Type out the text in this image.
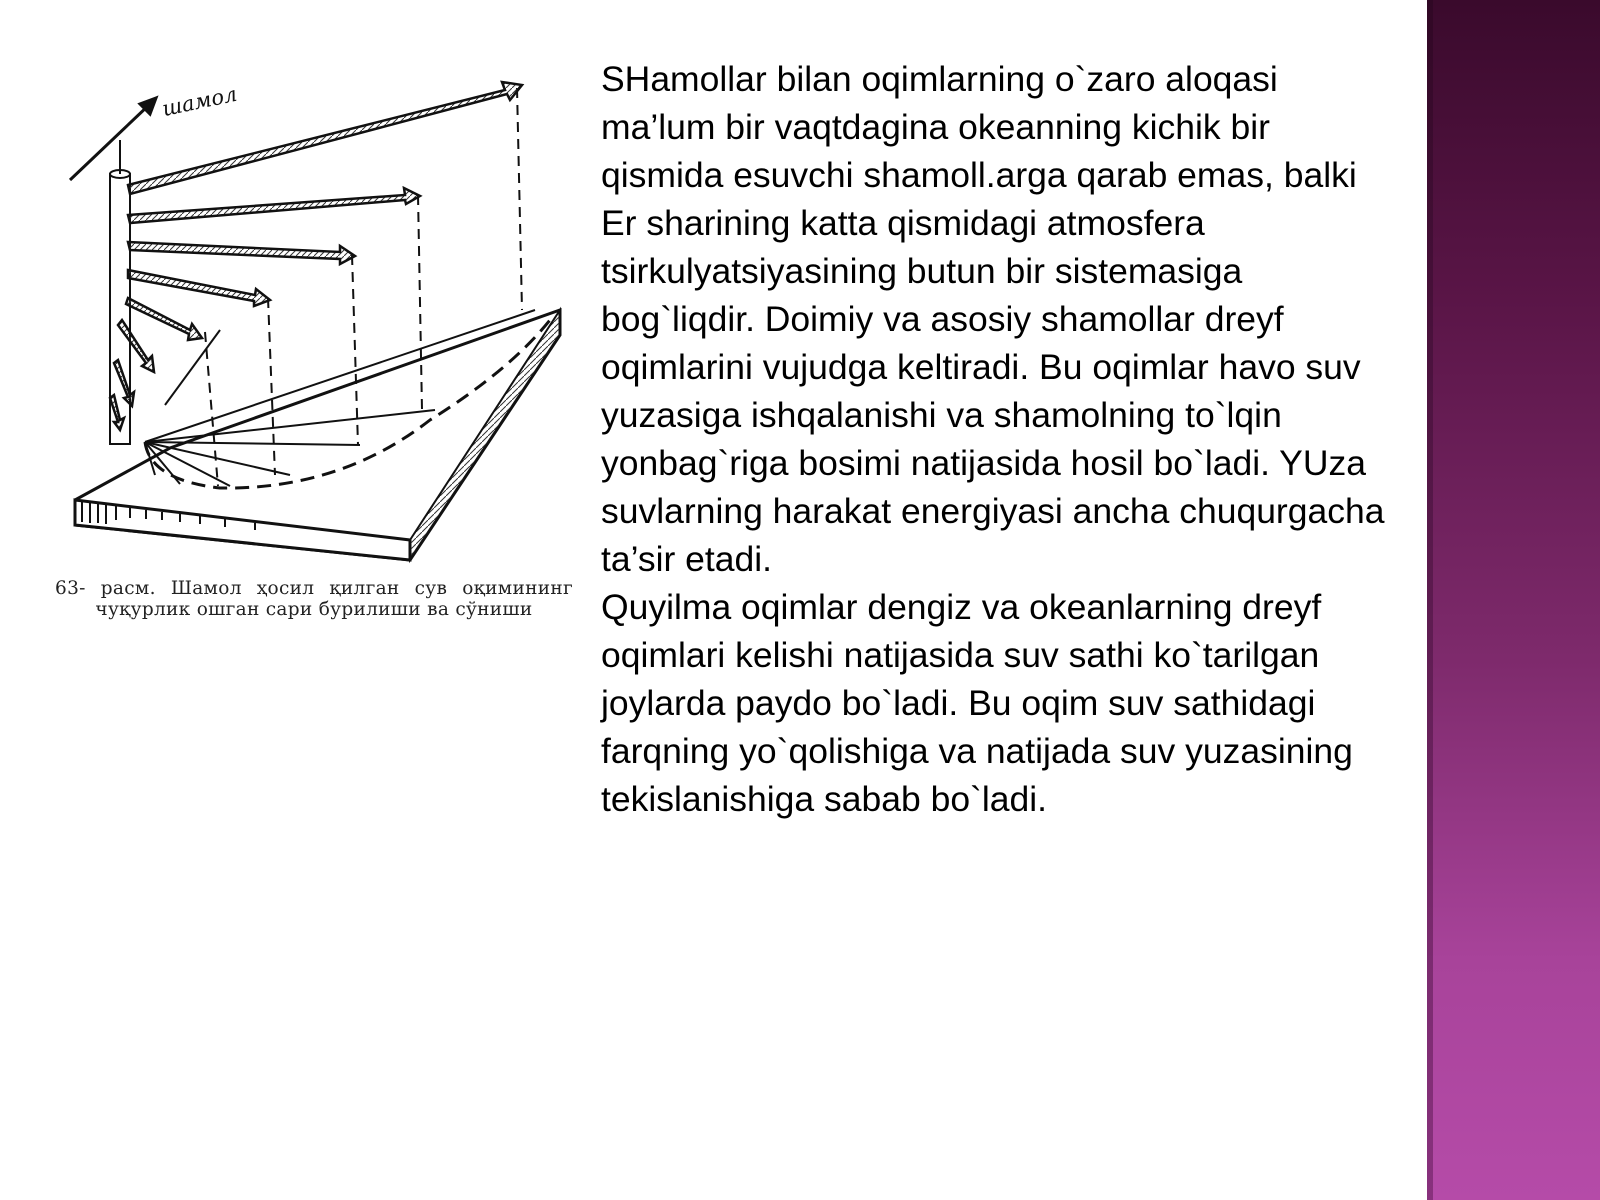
шамол
63- расм. Шамол ҳосил қилган сув оқимининг чуқурлик ошган сари бурилиши ва сўниши

SHamollar bilan oqimlarning o`zaro aloqasi ma’lum bir vaqtdagina okeanning kichik bir qismida esuvchi shamoll.arga qarab emas, balki Er sharining katta qismidagi atmosfera tsirkulyatsiyasining butun bir sistemasiga bog`liqdir. Doimiy va asosiy shamollar dreyf oqimlarini vujudga keltiradi. Bu oqimlar havo suv yuzasiga ishqalanishi va shamolning to`lqin yonbag`riga bosimi natijasida hosil bo`ladi. YUza suvlarning harakat energiyasi ancha chuqurgacha ta’sir etadi.

Quyilma oqimlar dengiz va okeanlarning dreyf oqimlari kelishi natijasida suv sathi ko`tarilgan joylarda paydo bo`ladi. Bu oqim suv sathidagi farqning yo`qolishiga va natijada suv yuzasining tekislanishiga sabab bo`ladi.
